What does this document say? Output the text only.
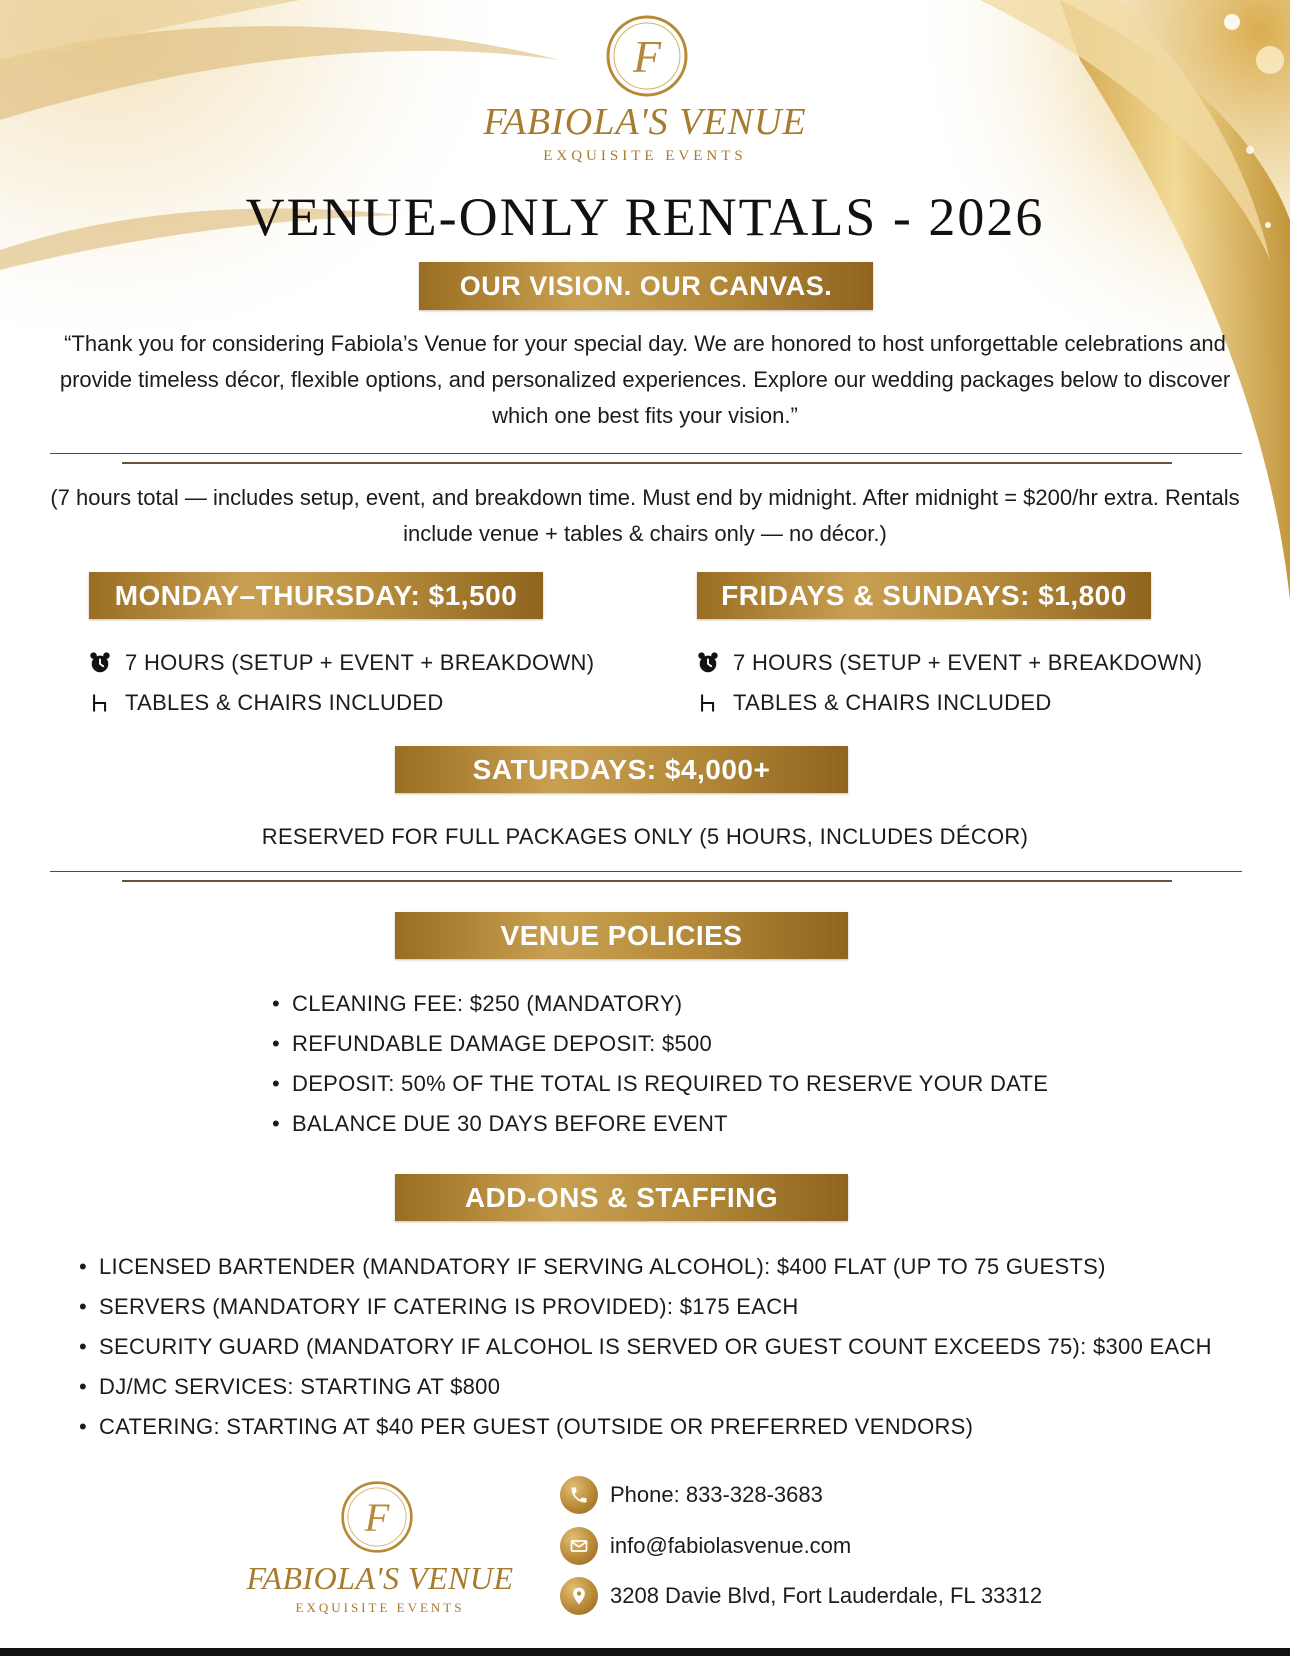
F
FABIOLA'S VENUE
EXQUISITE EVENTS
VENUE-ONLY RENTALS - 2026
OUR VISION. OUR CANVAS.
“Thank you for considering Fabiola’s Venue for your special day. We are honored to host unforgettable celebrations and provide timeless décor, flexible options, and personalized experiences. Explore our wedding packages below to discover which one best fits your vision.”
(7 hours total — includes setup, event, and breakdown time. Must end by midnight. After midnight = $200/hr extra. Rentals include venue + tables & chairs only — no décor.)
MONDAY–THURSDAY: $1,500
7 HOURS (SETUP + EVENT + BREAKDOWN)
TABLES & CHAIRS INCLUDED
FRIDAYS & SUNDAYS: $1,800
7 HOURS (SETUP + EVENT + BREAKDOWN)
TABLES & CHAIRS INCLUDED
SATURDAYS: $4,000+
RESERVED FOR FULL PACKAGES ONLY (5 HOURS, INCLUDES DÉCOR)
VENUE POLICIES
• CLEANING FEE: $250 (MANDATORY)
• REFUNDABLE DAMAGE DEPOSIT: $500
• DEPOSIT: 50% OF THE TOTAL IS REQUIRED TO RESERVE YOUR DATE
• BALANCE DUE 30 DAYS BEFORE EVENT
ADD-ONS & STAFFING
• LICENSED BARTENDER (MANDATORY IF SERVING ALCOHOL): $400 FLAT (UP TO 75 GUESTS)
• SERVERS (MANDATORY IF CATERING IS PROVIDED): $175 EACH
• SECURITY GUARD (MANDATORY IF ALCOHOL IS SERVED OR GUEST COUNT EXCEEDS 75): $300 EACH
• DJ/MC SERVICES: STARTING AT $800
• CATERING: STARTING AT $40 PER GUEST (OUTSIDE OR PREFERRED VENDORS)
F
FABIOLA'S VENUE
EXQUISITE EVENTS
Phone: 833-328-3683
info@fabiolasvenue.com
3208 Davie Blvd, Fort Lauderdale, FL 33312
